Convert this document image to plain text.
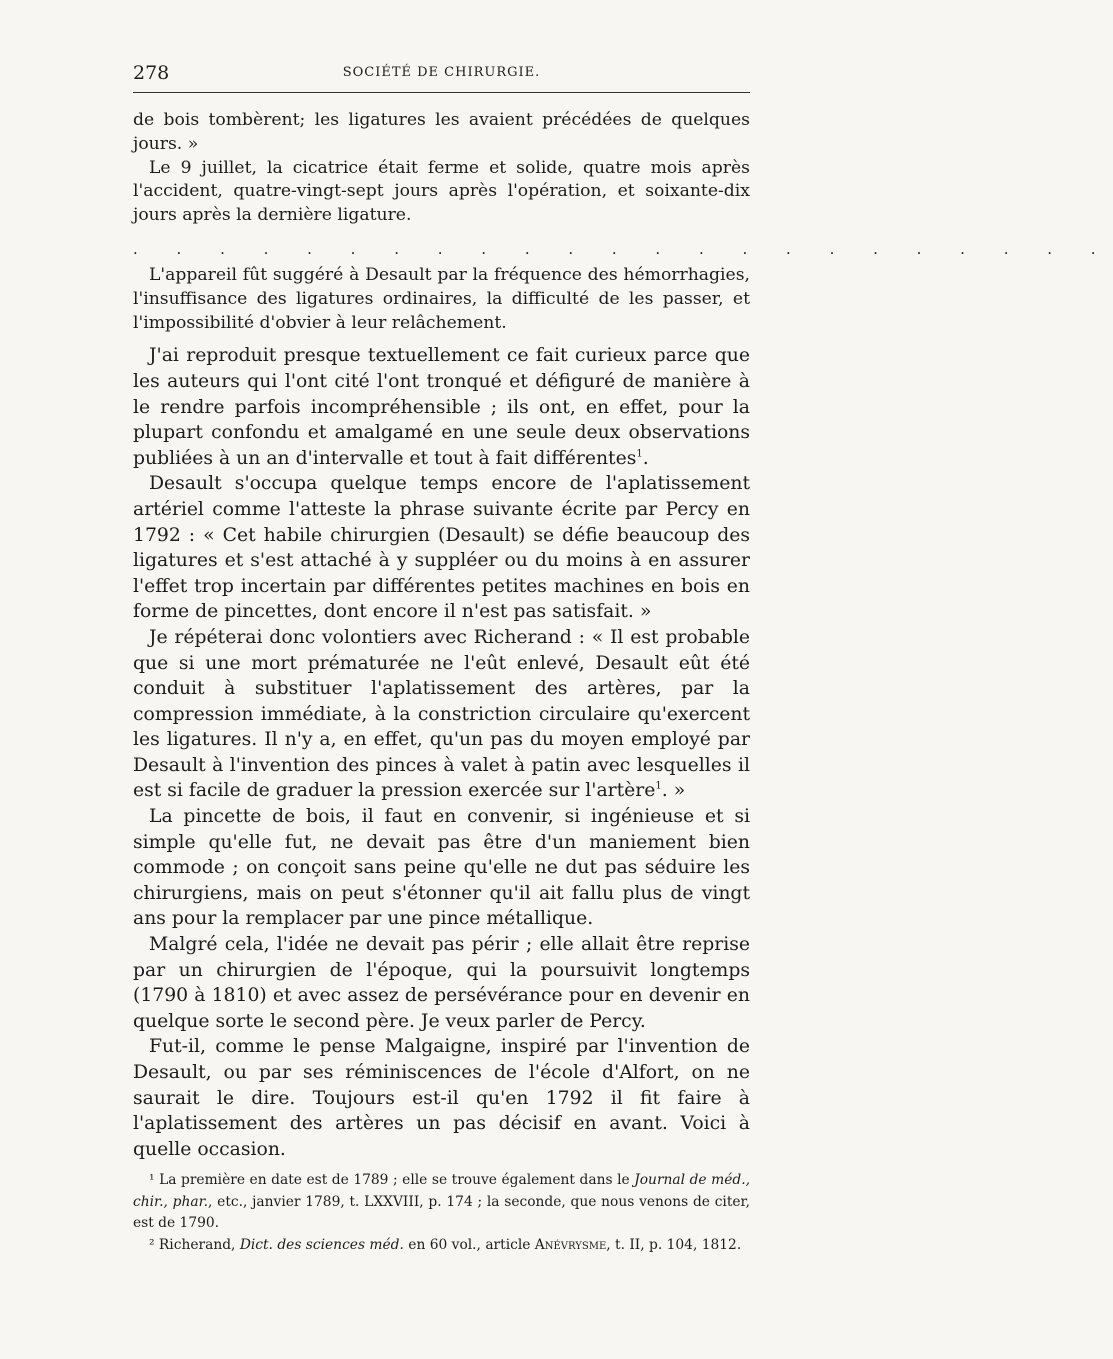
278	SOCIÉTÉ DE CHIRURGIE.

de bois tombèrent; les ligatures les avaient précédées de quelques jours. »

Le 9 juillet, la cicatrice était ferme et solide, quatre mois après l'accident, quatre-vingt-sept jours après l'opération, et soixante-dix jours après la dernière ligature.

. . . . . . . . . . . . . . . . . . . . . . .

L'appareil fût suggéré à Desault par la fréquence des hémorrhagies, l'insuffisance des ligatures ordinaires, la difficulté de les passer, et l'impossibilité d'obvier à leur relâchement.

J'ai reproduit presque textuellement ce fait curieux parce que les auteurs qui l'ont cité l'ont tronqué et défiguré de manière à le rendre parfois incompréhensible ; ils ont, en effet, pour la plupart confondu et amalgamé en une seule deux observations publiées à un an d'intervalle et tout à fait différentes$^1$.

Desault s'occupa quelque temps encore de l'aplatissement artériel comme l'atteste la phrase suivante écrite par Percy en 1792 : « Cet habile chirurgien (Desault) se défie beaucoup des ligatures et s'est attaché à y suppléer ou du moins à en assurer l'effet trop incertain par différentes petites machines en bois en forme de pincettes, dont encore il n'est pas satisfait. »

Je répéterai donc volontiers avec Richerand : « Il est probable que si une mort prématurée ne l'eût enlevé, Desault eût été conduit à substituer l'aplatissement des artères, par la compression immédiate, à la constriction circulaire qu'exercent les ligatures. Il n'y a, en effet, qu'un pas du moyen employé par Desault à l'invention des pinces à valet à patin avec lesquelles il est si facile de graduer la pression exercée sur l'artère$^1$. »

La pincette de bois, il faut en convenir, si ingénieuse et si simple qu'elle fut, ne devait pas être d'un maniement bien commode ; on conçoit sans peine qu'elle ne dut pas séduire les chirurgiens, mais on peut s'étonner qu'il ait fallu plus de vingt ans pour la remplacer par une pince métallique.

Malgré cela, l'idée ne devait pas périr ; elle allait être reprise par un chirurgien de l'époque, qui la poursuivit longtemps (1790 à 1810) et avec assez de persévérance pour en devenir en quelque sorte le second père. Je veux parler de Percy.

Fut-il, comme le pense Malgaigne, inspiré par l'invention de Desault, ou par ses réminiscences de l'école d'Alfort, on ne saurait le dire. Toujours est-il qu'en 1792 il fit faire à l'aplatissement des artères un pas décisif en avant. Voici à quelle occasion.

¹ La première en date est de 1789 ; elle se trouve également dans le Journal de méd., chir., phar., etc., janvier 1789, t. LXXVIII, p. 174 ; la seconde, que nous venons de citer, est de 1790.

² Richerand, Dict. des sciences méd. en 60 vol., article Anévrysme, t. II, p. 104, 1812.
